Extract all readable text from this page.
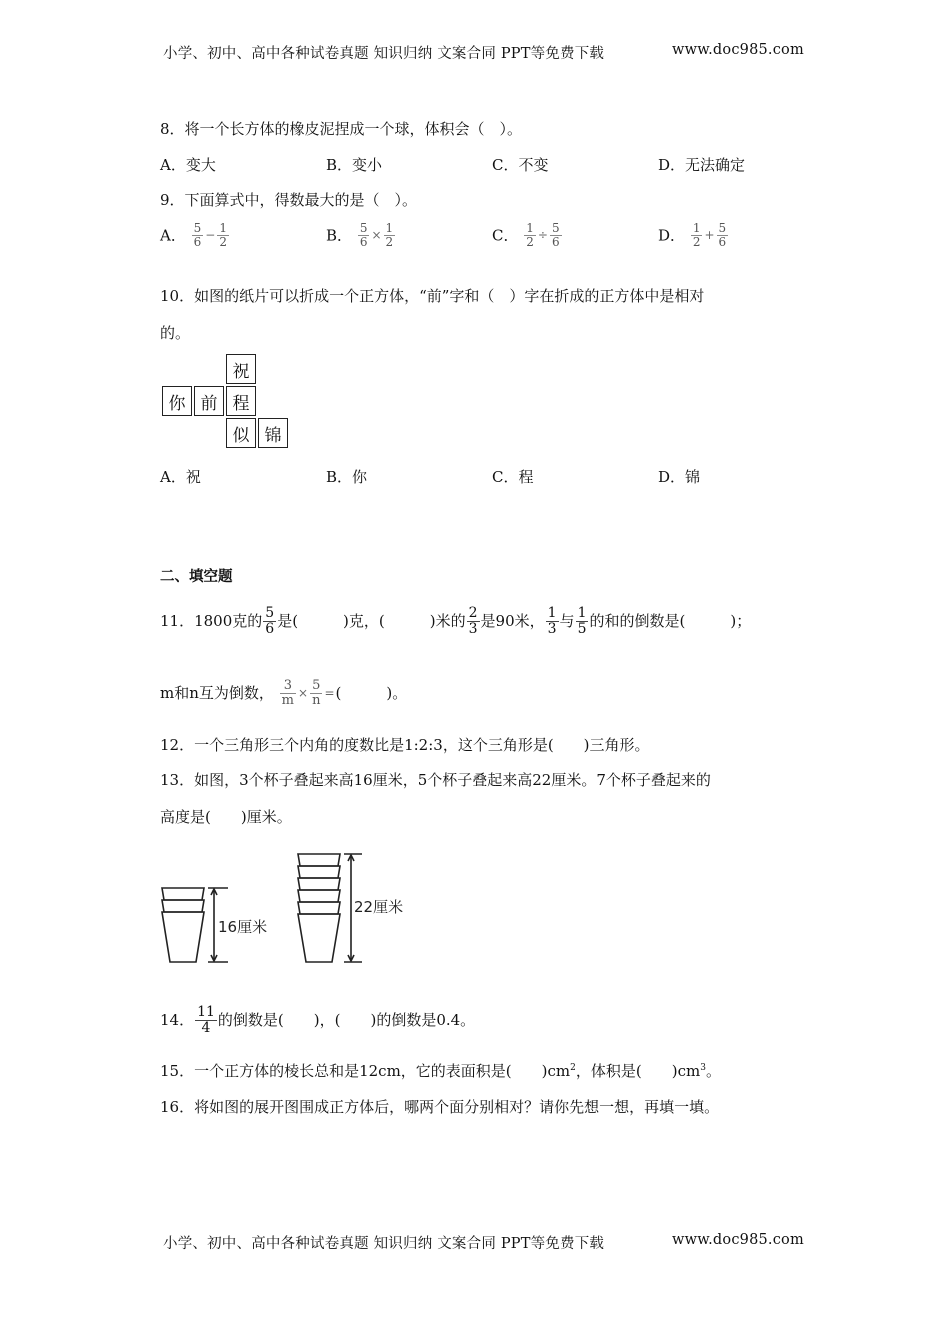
小学、初中、高中各种试卷真题 知识归纳 文案合同 PPT等免费下载	www.doc985.com
8．将一个长方体的橡皮泥捏成一个球，体积会（　）。
A．变大	B．变小	C．不变	D．无法确定
9．下面算式中，得数最大的是（　）。
A． $\frac{5}{6} - \frac{1}{2}$	B． $\frac{5}{6} \times \frac{1}{2}$	C． $\frac{1}{2} \div \frac{5}{6}$	D． $\frac{1}{2} + \frac{5}{6}$
10．如图的纸片可以折成一个正方体，“前”字和（　）字在折成的正方体中是相对
的。
祝
你 前 程
似 锦
A．祝	B．你	C．程	D．锦
二、填空题
11．1800克的 $\frac{5}{6}$ 是(　　　)克，(　　　)米的 $\frac{2}{3}$ 是90米， $\frac{1}{3}$ 与 $\frac{1}{5}$ 的和的倒数是(　　　)；
m和n互为倒数， $\frac{3}{m} \times \frac{5}{n}$ =(　　　)。
12．一个三角形三个内角的度数比是1:2:3，这个三角形是(　　)三角形。
13．如图，3个杯子叠起来高16厘米，5个杯子叠起来高22厘米。7个杯子叠起来的
高度是(　　)厘米。
16厘米
22厘米
14． $\frac{11}{4}$ 的倒数是(　　)，(　　)的倒数是0.4。
15．一个正方体的棱长总和是12cm，它的表面积是(　　)$cm^2$，体积是(　　)$cm^3$。
16．将如图的展开图围成正方体后，哪两个面分别相对？请你先想一想，再填一填。
小学、初中、高中各种试卷真题 知识归纳 文案合同 PPT等免费下载	www.doc985.com
